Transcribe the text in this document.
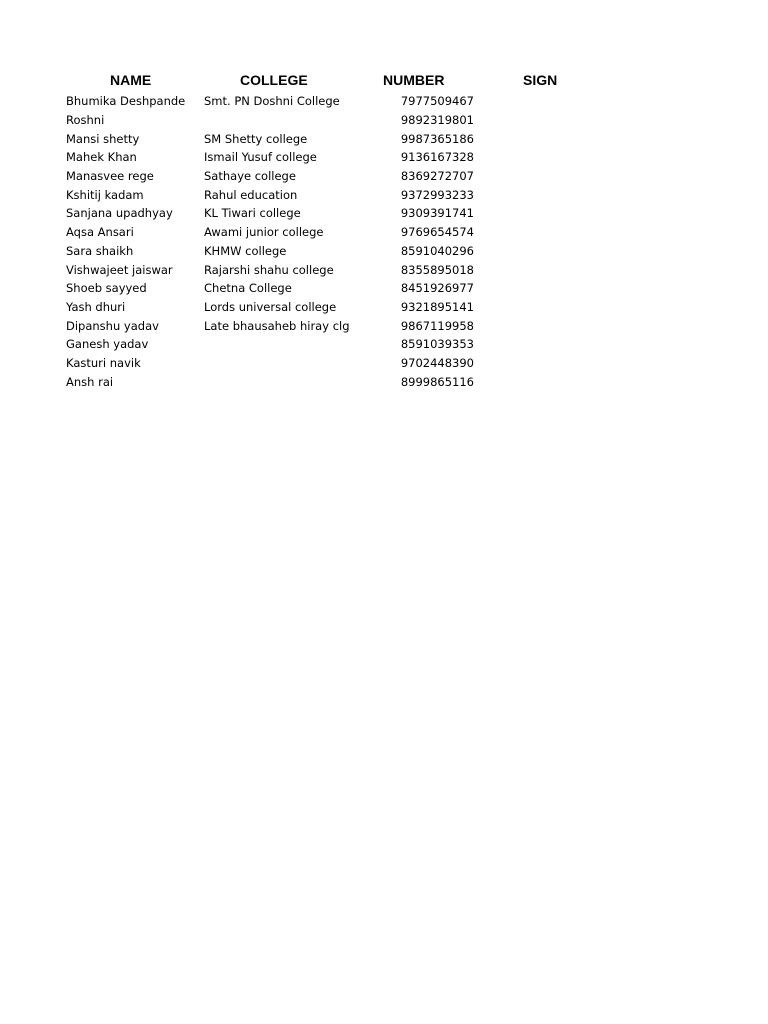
NAME	COLLEGE	NUMBER	SIGN
Bhumika Deshpande	Smt. PN Doshni College	7977509467	
Roshni		9892319801	
Mansi shetty	SM Shetty college	9987365186	
Mahek Khan	Ismail Yusuf college	9136167328	
Manasvee rege	Sathaye college	8369272707	
Kshitij kadam	Rahul education	9372993233	
Sanjana upadhyay	KL Tiwari college	9309391741	
Aqsa Ansari	Awami junior college	9769654574	
Sara shaikh	KHMW college	8591040296	
Vishwajeet jaiswar	Rajarshi shahu college	8355895018	
Shoeb sayyed	Chetna College	8451926977	
Yash dhuri	Lords universal college	9321895141	
Dipanshu yadav	Late bhausaheb hiray clg	9867119958	
Ganesh yadav		8591039353	
Kasturi navik		9702448390	
Ansh rai		8999865116	
